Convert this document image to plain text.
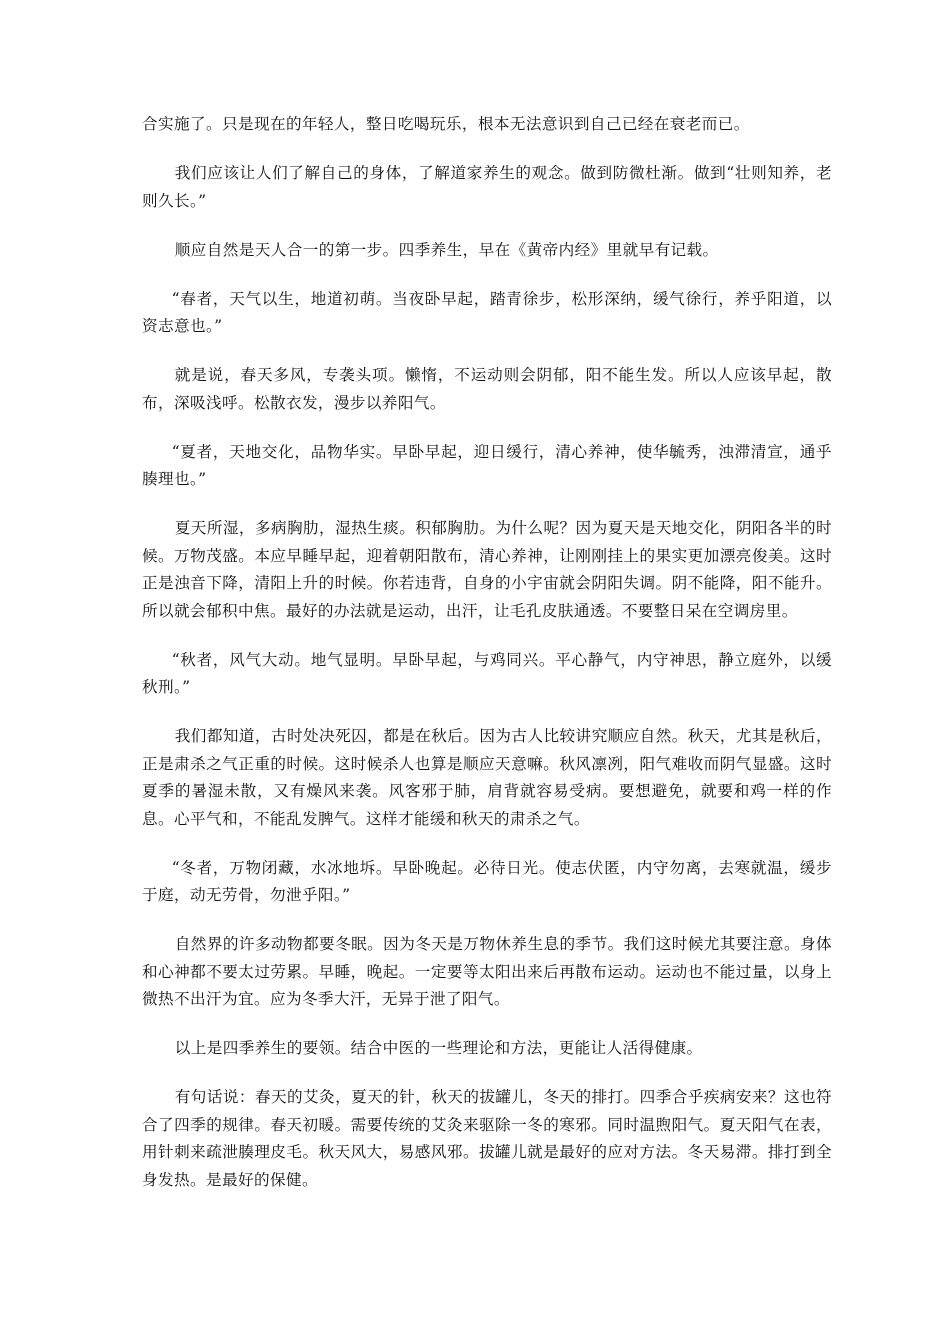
合实施了。只是现在的年轻人，整日吃喝玩乐，根本无法意识到自己已经在衰老而已。

我们应该让人们了解自己的身体，了解道家养生的观念。做到防微杜渐。做到“壮则知养，老则久长。”

顺应自然是天人合一的第一步。四季养生，早在《黄帝内经》里就早有记载。

“春者，天气以生，地道初萌。当夜卧早起，踏青徐步，松形深纳，缓气徐行，养乎阳道，以资志意也。”

就是说，春天多风，专袭头项。懒惰，不运动则会阴郁，阳不能生发。所以人应该早起，散布，深吸浅呼。松散衣发，漫步以养阳气。

“夏者，天地交化，品物华实。早卧早起，迎日缓行，清心养神，使华毓秀，浊滞清宣，通乎腠理也。”

夏天所湿，多病胸肋，湿热生痰。积郁胸肋。为什么呢？因为夏天是天地交化，阴阳各半的时候。万物茂盛。本应早睡早起，迎着朝阳散布，清心养神，让刚刚挂上的果实更加漂亮俊美。这时正是浊音下降，清阳上升的时候。你若违背，自身的小宇宙就会阴阳失调。阴不能降，阳不能升。所以就会郁积中焦。最好的办法就是运动，出汗，让毛孔皮肤通透。不要整日呆在空调房里。

“秋者，风气大动。地气显明。早卧早起，与鸡同兴。平心静气，内守神思，静立庭外，以缓秋刑。”

我们都知道，古时处决死囚，都是在秋后。因为古人比较讲究顺应自然。秋天，尤其是秋后，正是肃杀之气正重的时候。这时候杀人也算是顺应天意嘛。秋风凛冽，阳气难收而阴气显盛。这时夏季的暑湿未散，又有燥风来袭。风客邪于肺，肩背就容易受病。要想避免，就要和鸡一样的作息。心平气和，不能乱发脾气。这样才能缓和秋天的肃杀之气。

“冬者，万物闭藏，水冰地坼。早卧晚起。必待日光。使志伏匿，内守勿离，去寒就温，缓步于庭，动无劳骨，勿泄乎阳。”

自然界的许多动物都要冬眠。因为冬天是万物休养生息的季节。我们这时候尤其要注意。身体和心神都不要太过劳累。早睡，晚起。一定要等太阳出来后再散布运动。运动也不能过量，以身上微热不出汗为宜。应为冬季大汗，无异于泄了阳气。

以上是四季养生的要领。结合中医的一些理论和方法，更能让人活得健康。

有句话说：春天的艾灸，夏天的针，秋天的拔罐儿，冬天的排打。四季合乎疾病安来？这也符合了四季的规律。春天初暖。需要传统的艾灸来驱除一冬的寒邪。同时温煦阳气。夏天阳气在表，用针刺来疏泄腠理皮毛。秋天风大，易感风邪。拔罐儿就是最好的应对方法。冬天易滞。排打到全身发热。是最好的保健。
